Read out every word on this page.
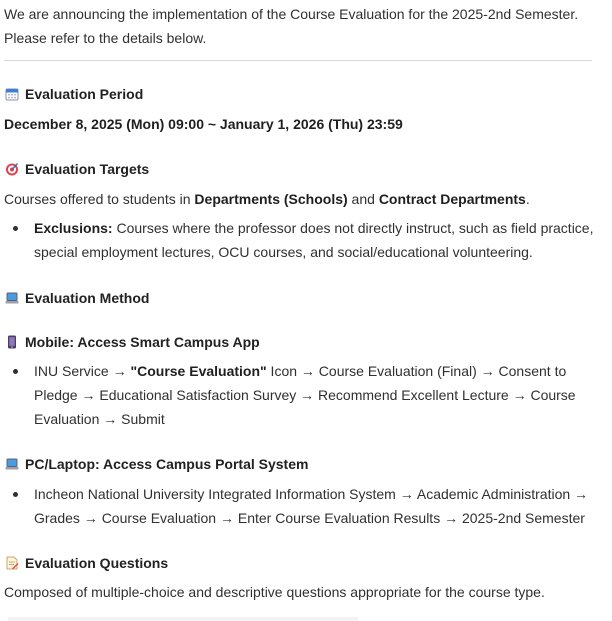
We are announcing the implementation of the Course Evaluation for the 2025-2nd Semester.

Please refer to the details below.

Evaluation Period
December 8, 2025 (Mon) 09:00 ~ January 1, 2026 (Thu) 23:59
Evaluation Targets
Courses offered to students in Departments (Schools) and Contract Departments.
Exclusions: Courses where the professor does not directly instruct, such as field practice,
special employment lectures, OCU courses, and social/educational volunteering.
Evaluation Method
Mobile: Access Smart Campus App
INU Service → "Course Evaluation" Icon → Course Evaluation (Final) → Consent to
Pledge → Educational Satisfaction Survey → Recommend Excellent Lecture → Course
Evaluation → Submit
PC/Laptop: Access Campus Portal System
Incheon National University Integrated Information System → Academic Administration →
Grades → Course Evaluation → Enter Course Evaluation Results → 2025-2nd Semester
Evaluation Questions
Composed of multiple-choice and descriptive questions appropriate for the course type.
